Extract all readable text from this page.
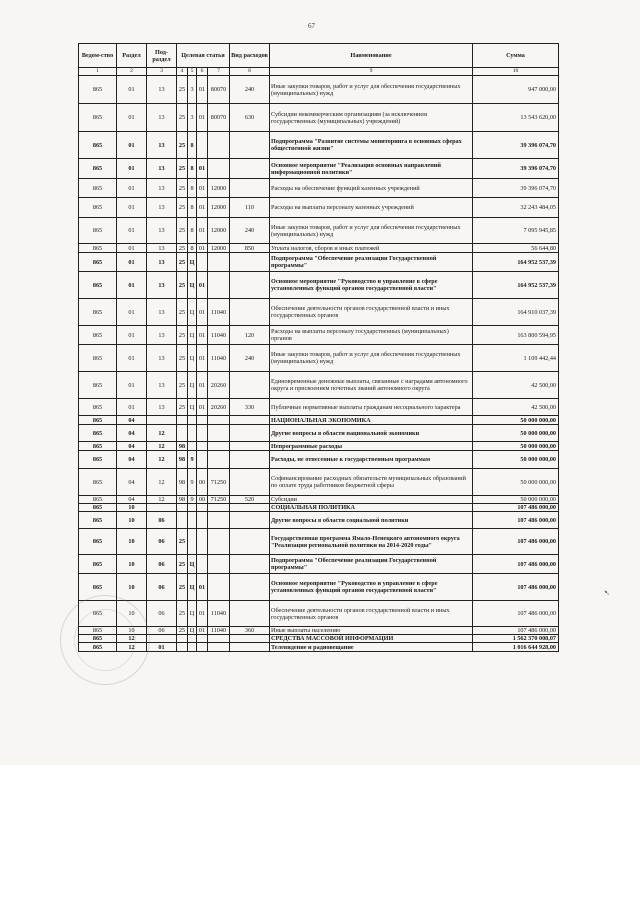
67
Ведом-ство	Раздел	Под-раздел	Целевая статья				Вид расходов	Наименование	Сумма
1	2	3	4	5	6	7	8	9	10
865	01	13	25	3	01	80070	240	Иные закупки товаров, работ и услуг для обеспечения государственных (муниципальных) нужд	947 000,00
865	01	13	25	3	01	80070	630	Субсидии некоммерческим организациям (за исключением государственных (муниципальных) учреждений)	13 543 620,00
865	01	13	25	8				Подпрограмма "Развитие системы мониторинга в основных сферах общественной жизни"	39 396 074,70
865	01	13	25	8	01			Основное мероприятие "Реализация основных направлений информационной политики"	39 396 074,70
865	01	13	25	8	01	12000		Расходы на обеспечение функций казенных учреждений	39 396 074,70
865	01	13	25	8	01	12000	110	Расходы на выплаты персоналу казенных учреждений	32 243 484,05
865	01	13	25	8	01	12000	240	Иные закупки товаров, работ и услуг для обеспечения государственных (муниципальных) нужд	7 095 945,85
865	01	13	25	8	01	12000	850	Уплата налогов, сборов и иных платежей	56 644,80
865	01	13	25	Ц				Подпрограмма "Обеспечение реализации Государственной программы"	164 952 537,39
865	01	13	25	Ц	01			Основное мероприятие "Руководство и управление в сфере установленных функций органов государственной власти"	164 952 537,39
865	01	13	25	Ц	01	11040		Обеспечение деятельности органов государственной власти и иных государственных органов	164 910 037,39
865	01	13	25	Ц	01	11040	120	Расходы на выплаты персоналу государственных (муниципальных) органов	163 800 594,95
865	01	13	25	Ц	01	11040	240	Иные закупки товаров, работ и услуг для обеспечения государственных (муниципальных) нужд	1 109 442,44
865	01	13	25	Ц	01	20260		Единовременные денежные выплаты, связанные с наградами автономного округа и присвоением почетных званий автономного округа	42 500,00
865	01	13	25	Ц	01	20260	330	Публичные нормативные выплаты гражданам несоциального характера	42 500,00
865	04							НАЦИОНАЛЬНАЯ ЭКОНОМИКА	50 000 000,00
865	04	12						Другие вопросы в области национальной экономики	50 000 000,00
865	04	12	98					Непрограммные расходы	50 000 000,00
865	04	12	98	9				Расходы, не отнесенные к государственным программам	50 000 000,00
865	04	12	98	9	00	71250		Софинансирование расходных обязательств муниципальных образований по оплате труда работников бюджетной сферы	50 000 000,00
865	04	12	98	9	00	71250	520	Субсидии	50 000 000,00
865	10							СОЦИАЛЬНАЯ ПОЛИТИКА	107 486 000,00
865	10	06						Другие вопросы в области социальной политики	107 486 000,00
865	10	06	25					Государственная программа Ямало-Ненецкого автономного округа "Реализация региональной политики на 2014-2020 годы"	107 486 000,00
865	10	06	25	Ц				Подпрограмма "Обеспечение реализации Государственной программы"	107 486 000,00
865	10	06	25	Ц	01			Основное мероприятие "Руководство и управление в сфере установленных функций органов государственной власти"	107 486 000,00
865	10	06	25	Ц	01	11040		Обеспечение деятельности органов государственной власти и иных государственных органов	107 486 000,00
865	10	06	25	Ц	01	11040	360	Иные выплаты населению	107 486 000,00
865	12							СРЕДСТВА МАССОВОЙ ИНФОРМАЦИИ	1 562 370 008,07
865	12	01						Телевидение и радиовещание	1 016 644 928,00
➷
